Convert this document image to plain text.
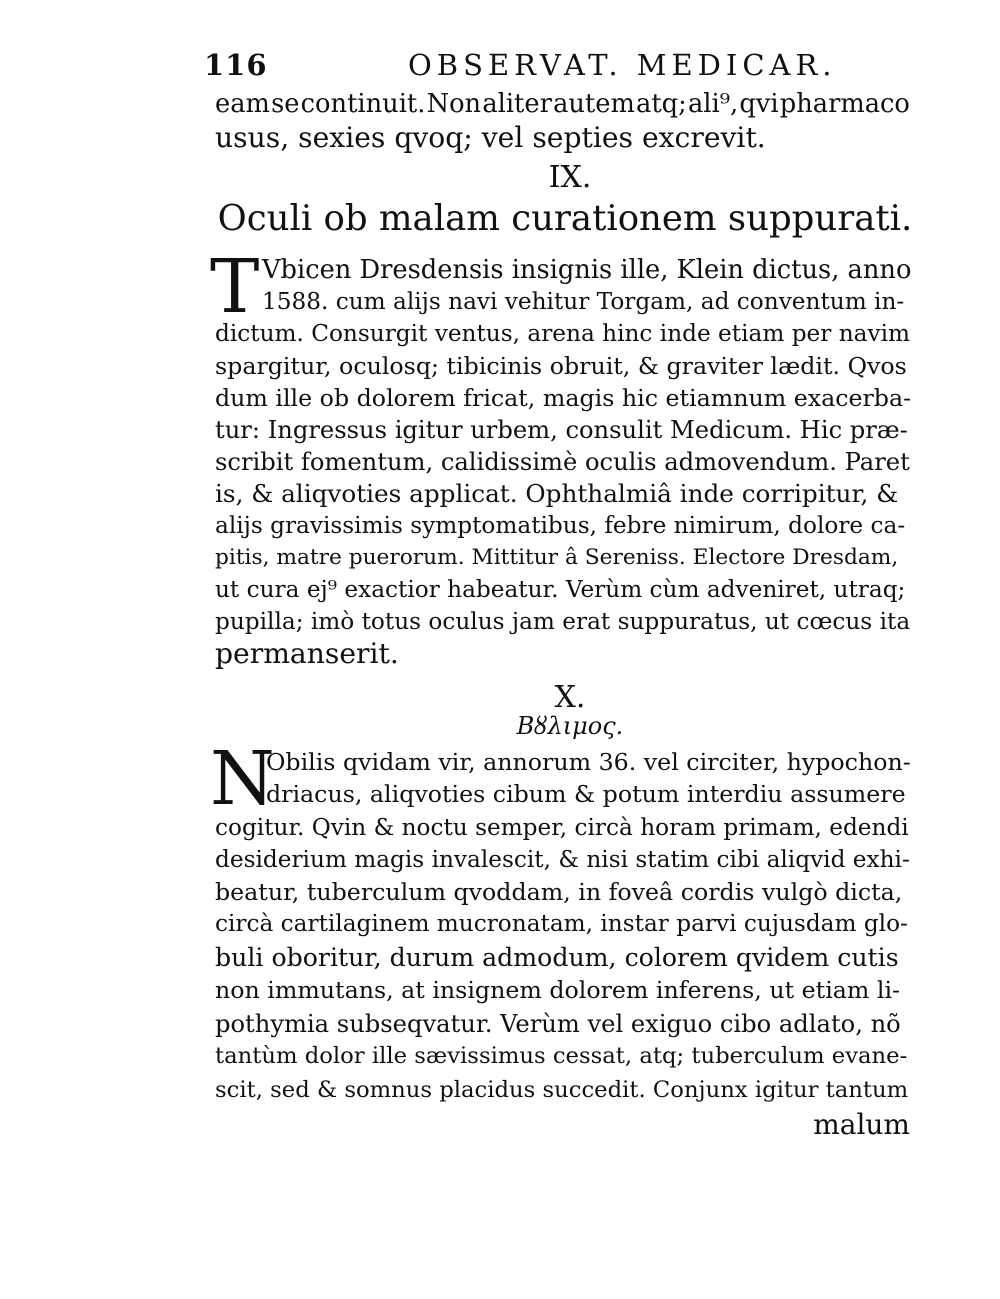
116	OBSERVAT. MEDICAR.
eam se continuit. Non aliter autem atq; ali⁹, qvi pharmaco
usus, sexies qvoq; vel septies excrevit.
IX.
Oculi ob malam curationem suppurati.
T Vbicen Dresdensis insignis ille, Klein dictus, anno
1588. cum alijs navi vehitur Torgam, ad conventum in-
dictum. Consurgit ventus, arena hinc inde etiam per navim
spargitur, oculosq; tibicinis obruit, & graviter lædit. Qvos
dum ille ob dolorem fricat, magis hic etiamnum exacerba-
tur: Ingressus igitur urbem, consulit Medicum. Hic præ-
scribit fomentum, calidissimè oculis admovendum. Paret
is, & aliqvoties applicat. Ophthalmiâ inde corripitur, &
alijs gravissimis symptomatibus, febre nimirum, dolore ca-
pitis, matre puerorum. Mittitur â Sereniss. Electore Dresdam,
ut cura ej⁹ exactior habeatur. Verùm cùm adveniret, utraq;
pupilla; imò totus oculus jam erat suppuratus, ut cœcus ita
permanserit.
X.
Βȣλιμος.
N
Obilis qvidam vir, annorum 36. vel circiter, hypochon-
driacus, aliqvoties cibum & potum interdiu assumere
cogitur. Qvin & noctu semper, circà horam primam, edendi
desiderium magis invalescit, & nisi statim cibi aliqvid exhi-
beatur, tuberculum qvoddam, in foveâ cordis vulgò dicta,
circà cartilaginem mucronatam, instar parvi cujusdam glo-
buli oboritur, durum admodum, colorem qvidem cutis
non immutans, at insignem dolorem inferens, ut etiam li-
pothymia subseqvatur. Verùm vel exiguo cibo adlato, nõ
tantùm dolor ille sævissimus cessat, atq; tuberculum evane-
scit, sed & somnus placidus succedit. Conjunx igitur tantum
malum
